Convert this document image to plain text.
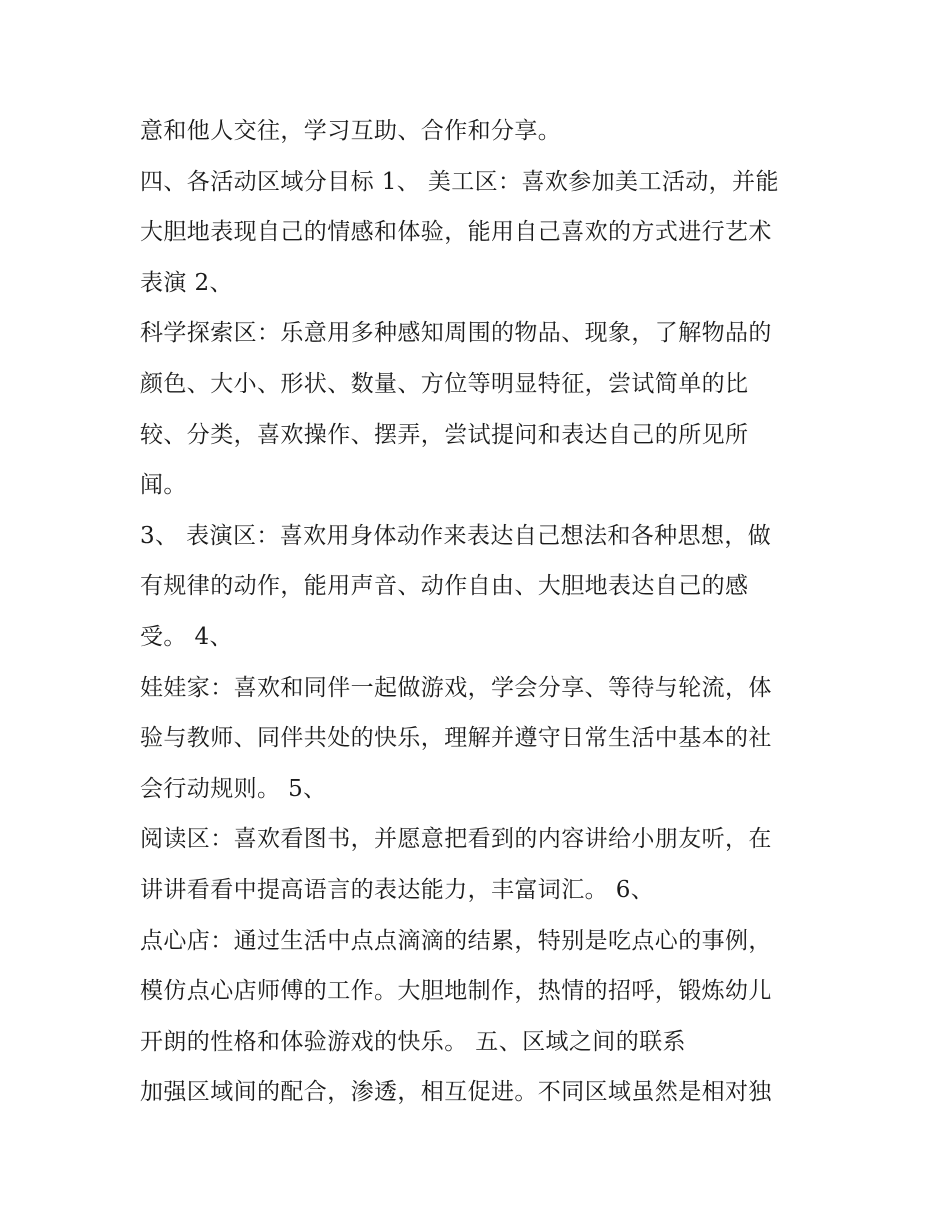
意和他人交往，学习互助、合作和分享。
四、各活动区域分目标 1、 美工区：喜欢参加美工活动，并能
大胆地表现自己的情感和体验，能用自己喜欢的方式进行艺术
表演 2、
科学探索区：乐意用多种感知周围的物品、现象，了解物品的
颜色、大小、形状、数量、方位等明显特征，尝试简单的比
较、分类，喜欢操作、摆弄，尝试提问和表达自己的所见所
闻。
3、 表演区：喜欢用身体动作来表达自己想法和各种思想，做
有规律的动作，能用声音、动作自由、大胆地表达自己的感
受。 4、
娃娃家：喜欢和同伴一起做游戏，学会分享、等待与轮流，体
验与教师、同伴共处的快乐，理解并遵守日常生活中基本的社
会行动规则。 5、
阅读区：喜欢看图书，并愿意把看到的内容讲给小朋友听，在
讲讲看看中提高语言的表达能力，丰富词汇。 6、
点心店：通过生活中点点滴滴的结累，特别是吃点心的事例，
模仿点心店师傅的工作。大胆地制作，热情的招呼，锻炼幼儿
开朗的性格和体验游戏的快乐。 五、区域之间的联系
加强区域间的配合，渗透，相互促进。不同区域虽然是相对独
